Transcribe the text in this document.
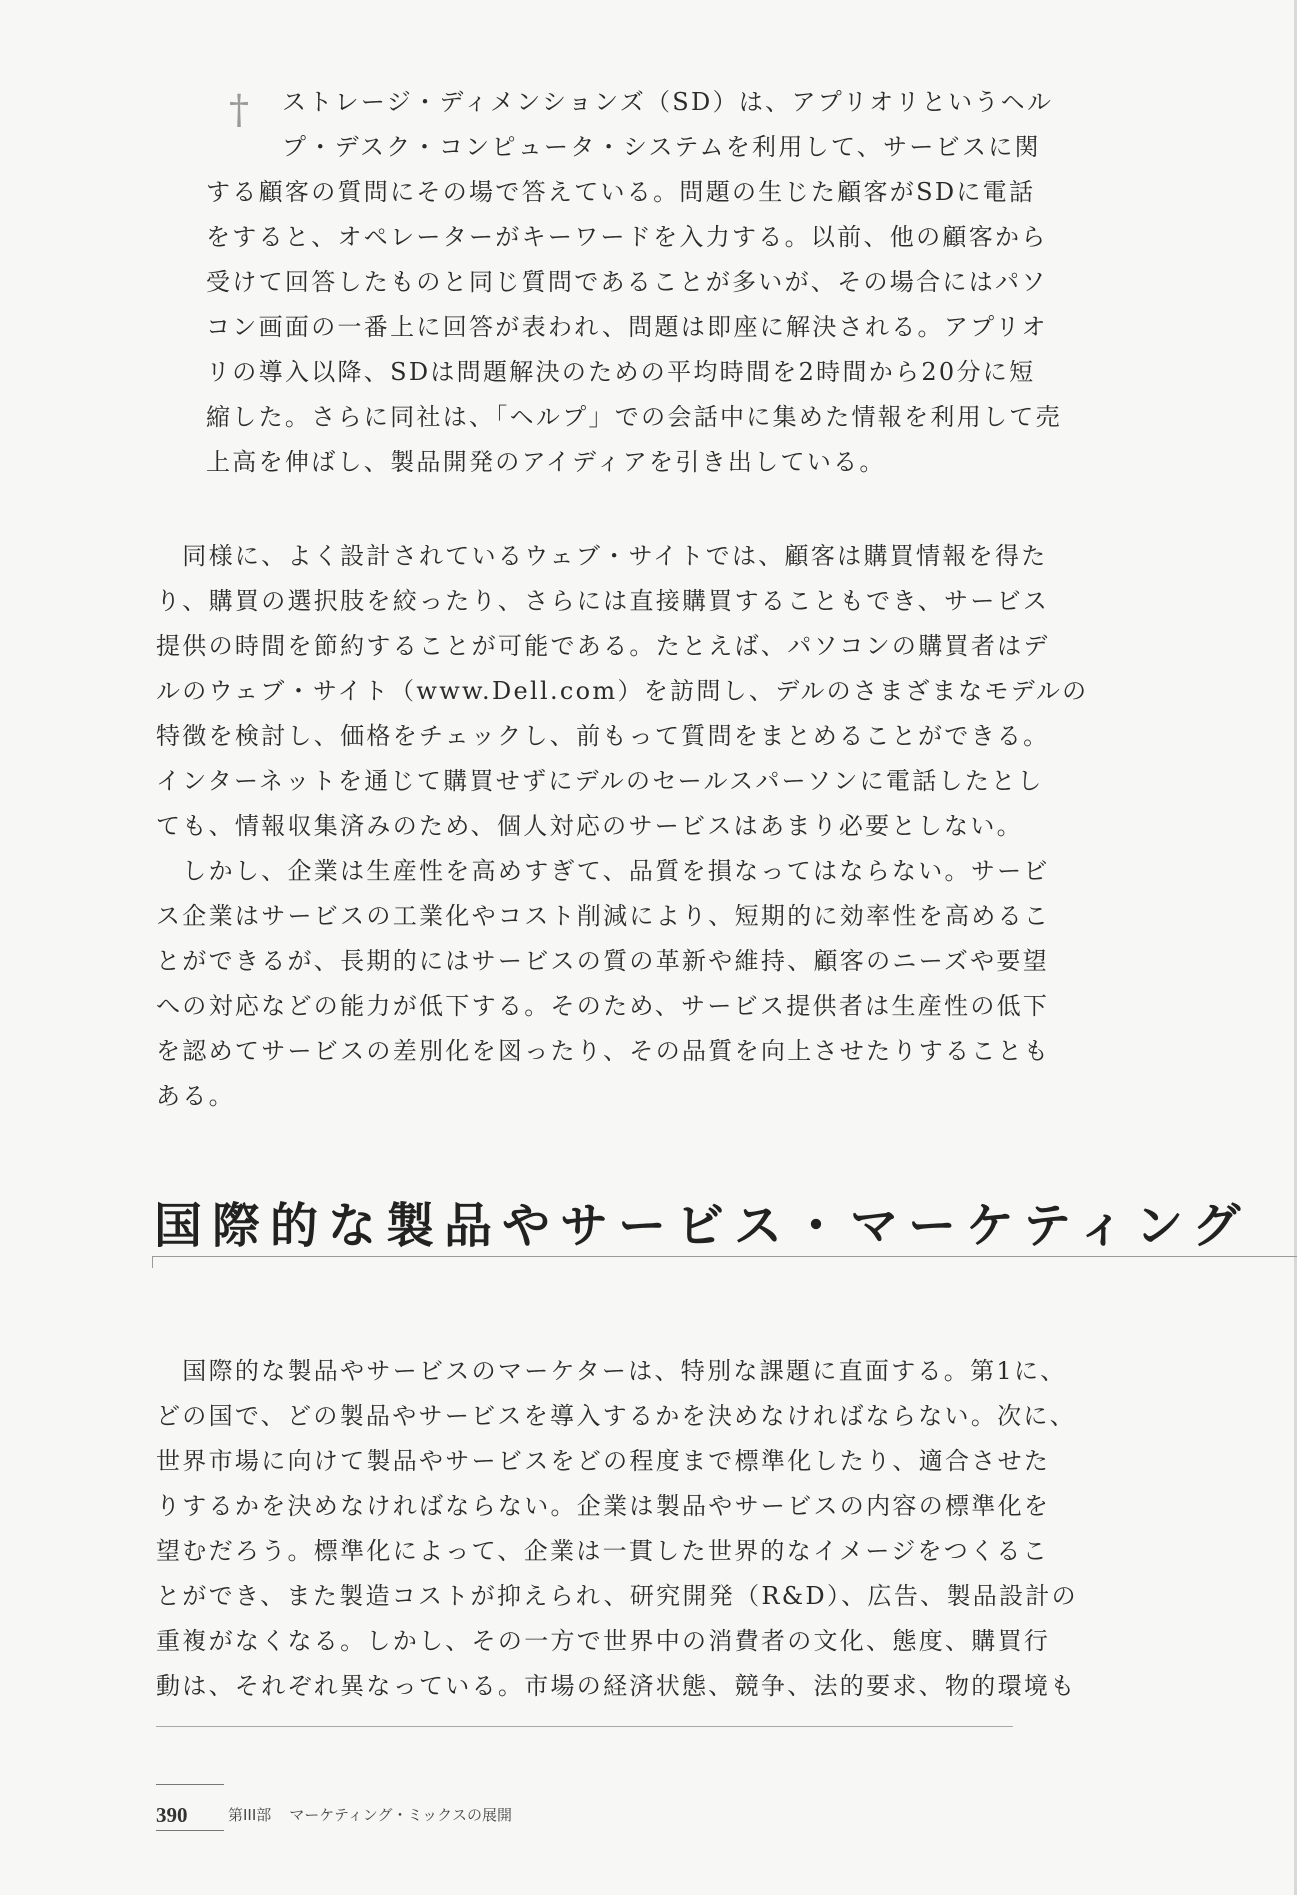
† ストレージ・ディメンションズ（SD）は、アプリオリというヘル
プ・デスク・コンピュータ・システムを利用して、サービスに関
する顧客の質問にその場で答えている。問題の生じた顧客がSDに電話
をすると、オペレーターがキーワードを入力する。以前、他の顧客から
受けて回答したものと同じ質問であることが多いが、その場合にはパソ
コン画面の一番上に回答が表われ、問題は即座に解決される。アプリオ
リの導入以降、SDは問題解決のための平均時間を2時間から20分に短
縮した。さらに同社は、「ヘルプ」での会話中に集めた情報を利用して売
上高を伸ばし、製品開発のアイディアを引き出している。
　同様に、よく設計されているウェブ・サイトでは、顧客は購買情報を得た
り、購買の選択肢を絞ったり、さらには直接購買することもでき、サービス
提供の時間を節約することが可能である。たとえば、パソコンの購買者はデ
ルのウェブ・サイト（www.Dell.com）を訪問し、デルのさまざまなモデルの
特徴を検討し、価格をチェックし、前もって質問をまとめることができる。
インターネットを通じて購買せずにデルのセールスパーソンに電話したとし
ても、情報収集済みのため、個人対応のサービスはあまり必要としない。
　しかし、企業は生産性を高めすぎて、品質を損なってはならない。サービ
ス企業はサービスの工業化やコスト削減により、短期的に効率性を高めるこ
とができるが、長期的にはサービスの質の革新や維持、顧客のニーズや要望
への対応などの能力が低下する。そのため、サービス提供者は生産性の低下
を認めてサービスの差別化を図ったり、その品質を向上させたりすることも
ある。
国際的な製品やサービス・マーケティング
　国際的な製品やサービスのマーケターは、特別な課題に直面する。第1に、
どの国で、どの製品やサービスを導入するかを決めなければならない。次に、
世界市場に向けて製品やサービスをどの程度まで標準化したり、適合させた
りするかを決めなければならない。企業は製品やサービスの内容の標準化を
望むだろう。標準化によって、企業は一貫した世界的なイメージをつくるこ
とができ、また製造コストが抑えられ、研究開発（R&D）、広告、製品設計の
重複がなくなる。しかし、その一方で世界中の消費者の文化、態度、購買行
動は、それぞれ異なっている。市場の経済状態、競争、法的要求、物的環境も
390	第III部 マーケティング・ミックスの展開
